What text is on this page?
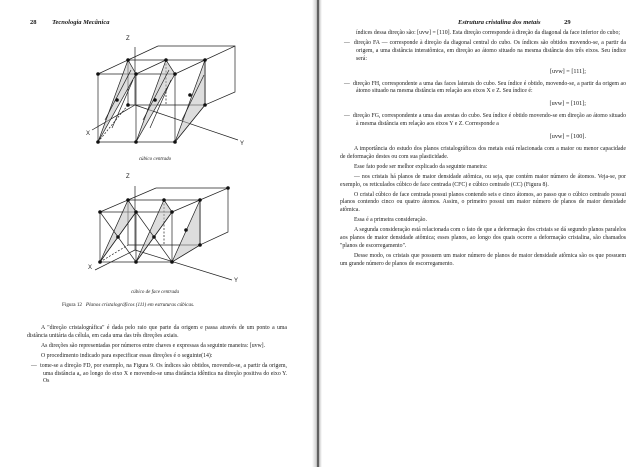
28 Tecnologia Mecânica
Z
X
Y
cúbico centrado
Z
X
Y
cúbico de face centrada
Figura 12 Planos cristalográficos (111) em estruturas cúbicas.

A "direção cristalográfica" é dada pelo raio que parte da origem e passa através de um ponto a uma distância unitária da célula, em cada uma das três direções axiais.

As direções são representadas por números entre chaves e expressas da seguinte maneira: [uvw].

O procedimento indicado para especificar essas direções é o seguinte(14):

—  tome-se a direção FD, por exemplo, na Figura 9. Os índices são obtidos, movendo-se, a partir da origem, uma distância a₀ ao longo do eixo X e movendo-se uma distância idêntica na direção positiva do eixo Y. Os

Estrutura cristalina dos metais	29

índices dessa direção são: [uvw] = [110]. Esta direção corresponde à direção da diagonal da face inferior do cubo;

—  direção FA — corresponde à direção da diagonal central do cubo. Os índices são obtidos movendo-se, a partir da origem, a uma distância interatômica, em direção ao átomo situado na mesma distância dos três eixos. Seu índice será:

[uvw] = [111];

—  direção FH, correspondente a uma das faces laterais do cubo. Seu índice é obtido, movendo-se, a partir da origem ao átomo situado na mesma distância em relação aos eixos X e Z. Seu índice é:

[uvw] = [101];

—  direção FG, correspondente a uma das arestas do cubo. Seu índice é obtido movendo-se em direção ao átomo situado à mesma distância em relação aos eixos Y e Z. Corresponde a

[uvw] = [100].

A importância do estudo dos planos cristalográficos dos metais está relacionada com a maior ou menor capacidade de deformação destes ou com sua plasticidade.

Esse fato pode ser melhor explicado da seguinte maneira:

— nos cristais há planos de maior densidade atômica, ou seja, que contém maior número de átomos. Veja-se, por exemplo, os reticulados cúbico de face centrada (CFC) e cúbico centrado (CC) (Figura 8).

O cristal cúbico de face centrada possui planos contendo seis e cinco átomos, ao passo que o cúbico centrado possui planos contendo cinco ou quatro átomos. Assim, o primeiro possui um maior número de planos de maior densidade atômica.

Essa é a primeira consideração.

A segunda consideração está relacionada com o fato de que a deformação dos cristais se dá segundo planos paralelos aos planos de maior densidade atômica; esses planos, ao longo dos quais ocorre a deformação cristalina, são chamados "planos de escorregamento".

Desse modo, os cristais que possuem um maior número de planos de maior densidade atômica são os que possuem um grande número de planos de escorregamento.
